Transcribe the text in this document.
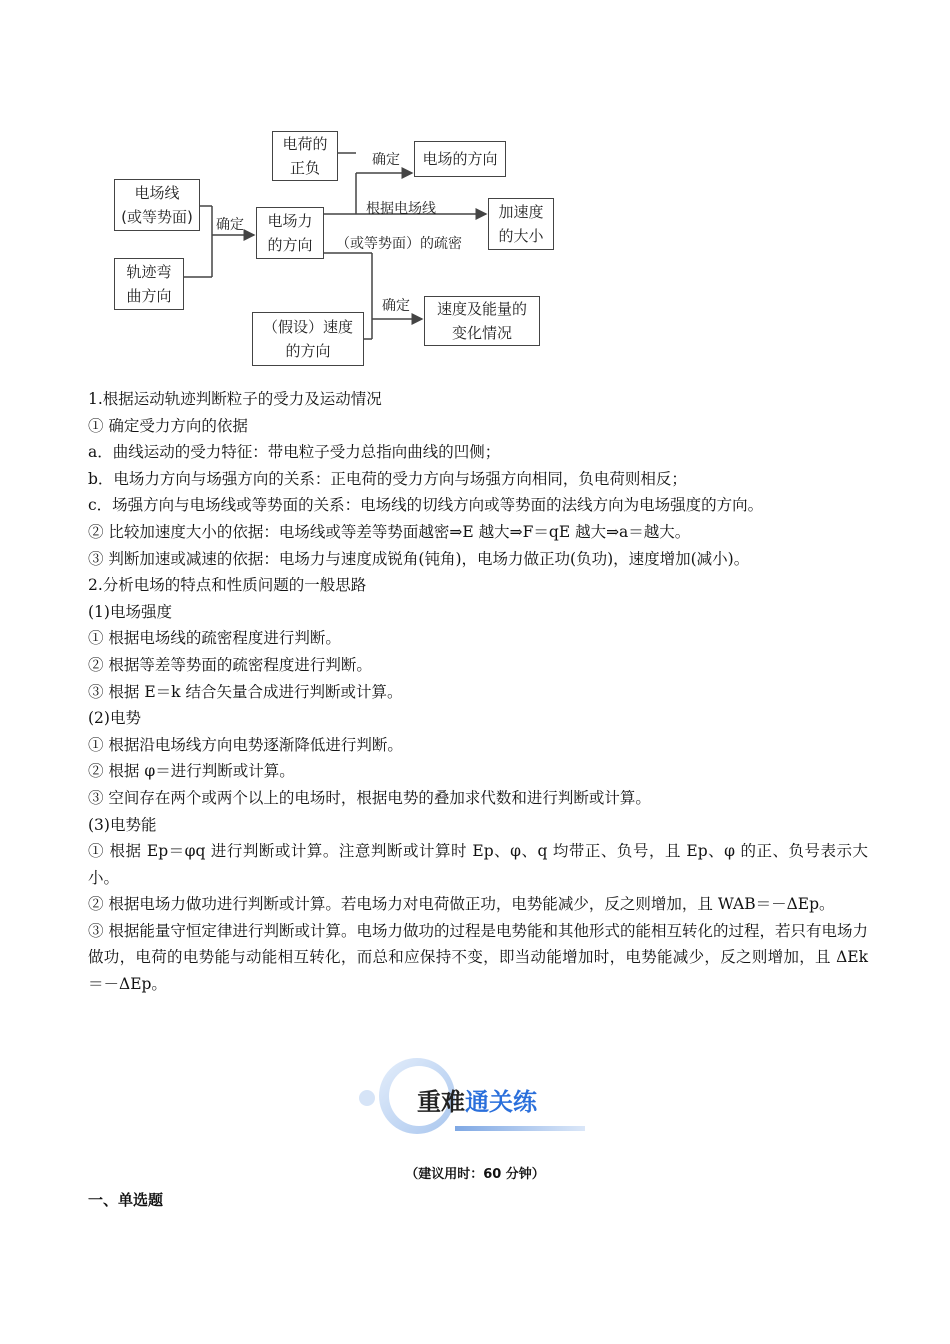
电荷的
正负	电场的方向
电场线
(或等势面)
轨迹弯
曲方向
电场力
的方向
加速度
的大小
（假设）速度
的方向
速度及能量的
变化情况
确定
确定
根据电场线
（或等势面）的疏密
确定
1.根据运动轨迹判断粒子的受力及运动情况
① 确定受力方向的依据
a．曲线运动的受力特征：带电粒子受力总指向曲线的凹侧；
b．电场力方向与场强方向的关系：正电荷的受力方向与场强方向相同，负电荷则相反；
c．场强方向与电场线或等势面的关系：电场线的切线方向或等势面的法线方向为电场强度的方向。
② 比较加速度大小的依据：电场线或等差等势面越密⇒E 越大⇒F＝qE 越大⇒a＝越大。
③ 判断加速或减速的依据：电场力与速度成锐角(钝角)，电场力做正功(负功)，速度增加(减小)。
2.分析电场的特点和性质问题的一般思路
(1)电场强度
① 根据电场线的疏密程度进行判断。
② 根据等差等势面的疏密程度进行判断。
③ 根据 E＝k 结合矢量合成进行判断或计算。
(2)电势
① 根据沿电场线方向电势逐渐降低进行判断。
② 根据 φ＝进行判断或计算。
③ 空间存在两个或两个以上的电场时，根据电势的叠加求代数和进行判断或计算。
(3)电势能
① 根据 Ep＝φq 进行判断或计算。注意判断或计算时 Ep、φ、q 均带正、负号，且 Ep、φ 的正、负号表示大小。
② 根据电场力做功进行判断或计算。若电场力对电荷做正功，电势能减少，反之则增加，且 WAB＝－ΔEp。
③ 根据能量守恒定律进行判断或计算。电场力做功的过程是电势能和其他形式的能相互转化的过程，若只有电场力做功，电荷的电势能与动能相互转化，而总和应保持不变，即当动能增加时，电势能减少，反之则增加，且 ΔEk＝－ΔEp。
重难通关练
（建议用时：60 分钟）
一、单选题
